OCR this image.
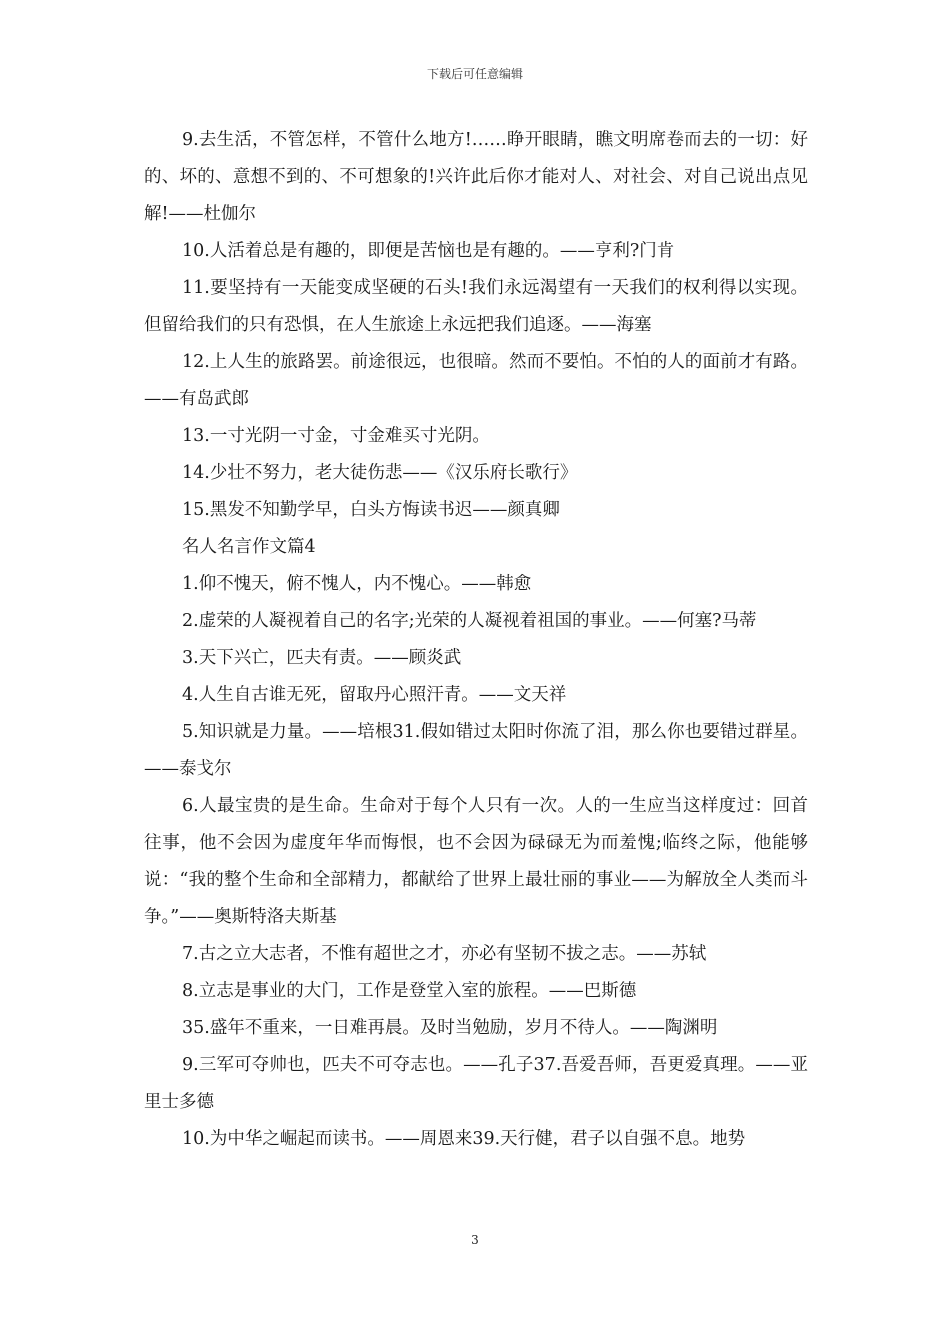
下载后可任意编辑

9.去生活，不管怎样，不管什么地方!……睁开眼睛，瞧文明席卷而去的一切：好的、坏的、意想不到的、不可想象的!兴许此后你才能对人、对社会、对自己说出点见解!——杜伽尔

10.人活着总是有趣的，即便是苦恼也是有趣的。——亨利?门肯

11.要坚持有一天能变成坚硬的石头!我们永远渴望有一天我们的权利得以实现。但留给我们的只有恐惧，在人生旅途上永远把我们追逐。——海塞

12.上人生的旅路罢。前途很远，也很暗。然而不要怕。不怕的人的面前才有路。——有岛武郎

13.一寸光阴一寸金，寸金难买寸光阴。

14.少壮不努力，老大徒伤悲——《汉乐府长歌行》

15.黑发不知勤学早，白头方悔读书迟——颜真卿

名人名言作文篇4

1.仰不愧天，俯不愧人，内不愧心。——韩愈

2.虚荣的人凝视着自己的名字;光荣的人凝视着祖国的事业。——何塞?马蒂

3.天下兴亡，匹夫有责。——顾炎武

4.人生自古谁无死，留取丹心照汗青。——文天祥

5.知识就是力量。——培根31.假如错过太阳时你流了泪，那么你也要错过群星。——泰戈尔

6.人最宝贵的是生命。生命对于每个人只有一次。人的一生应当这样度过：回首往事，他不会因为虚度年华而悔恨，也不会因为碌碌无为而羞愧;临终之际，他能够说：“我的整个生命和全部精力，都献给了世界上最壮丽的事业——为解放全人类而斗争。”——奥斯特洛夫斯基

7.古之立大志者，不惟有超世之才，亦必有坚韧不拔之志。——苏轼

8.立志是事业的大门，工作是登堂入室的旅程。——巴斯德

35.盛年不重来，一日难再晨。及时当勉励，岁月不待人。——陶渊明

9.三军可夺帅也，匹夫不可夺志也。——孔子37.吾爱吾师，吾更爱真理。——亚里士多德

10.为中华之崛起而读书。——周恩来39.天行健，君子以自强不息。地势

3
